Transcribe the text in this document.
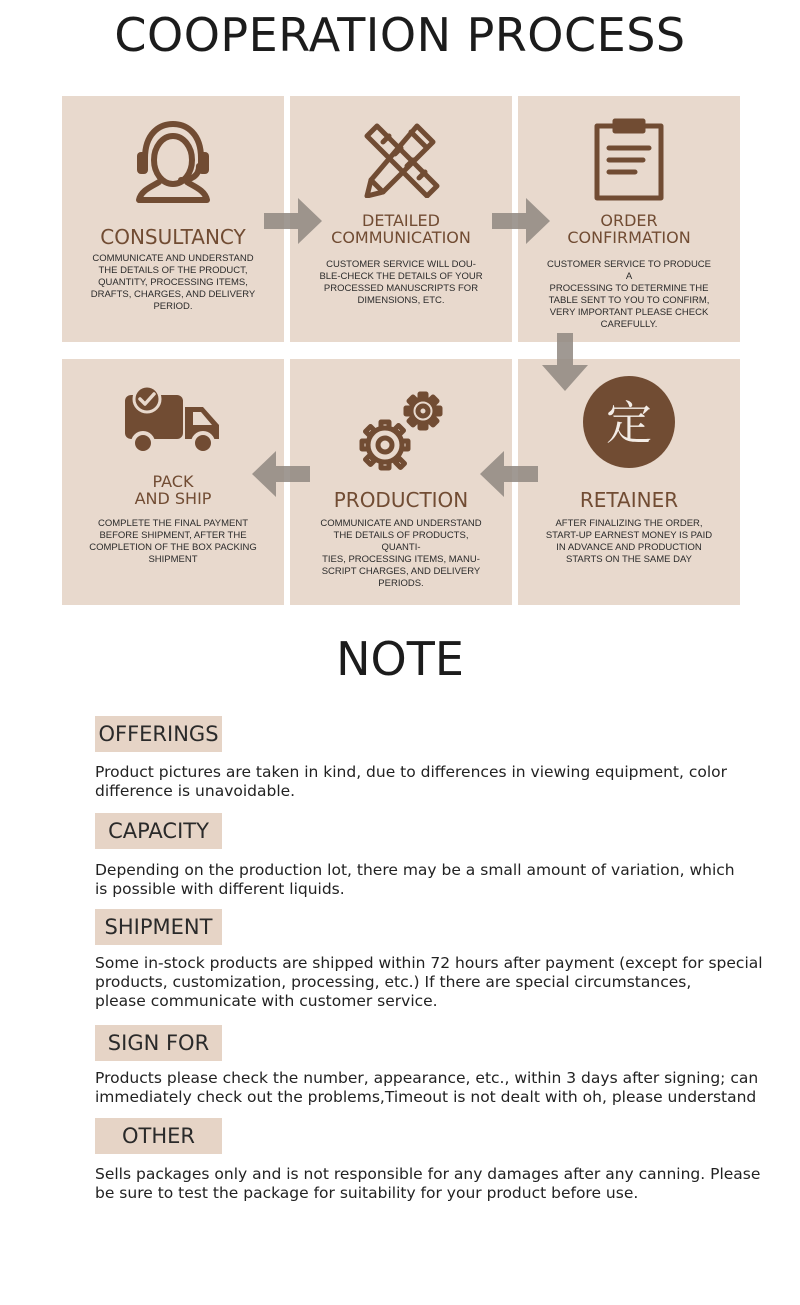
COOPERATION PROCESS
CONSULTANCY
COMMUNICATE AND UNDERSTAND
THE DETAILS OF THE PRODUCT,
QUANTITY, PROCESSING ITEMS,
DRAFTS, CHARGES, AND DELIVERY
PERIOD.
DETAILED
COMMUNICATION
CUSTOMER SERVICE WILL DOU-
BLE-CHECK THE DETAILS OF YOUR
PROCESSED MANUSCRIPTS FOR
DIMENSIONS, ETC.
ORDER
CONFIRMATION
CUSTOMER SERVICE TO PRODUCE A
PROCESSING TO DETERMINE THE
TABLE SENT TO YOU TO CONFIRM,
VERY IMPORTANT PLEASE CHECK
CAREFULLY.
PACK
AND SHIP
COMPLETE THE FINAL PAYMENT
BEFORE SHIPMENT, AFTER THE
COMPLETION OF THE BOX PACKING
SHIPMENT
PRODUCTION
COMMUNICATE AND UNDERSTAND
THE DETAILS OF PRODUCTS, QUANTI-
TIES, PROCESSING ITEMS, MANU-
SCRIPT CHARGES, AND DELIVERY
PERIODS.
定
RETAINER
AFTER FINALIZING THE ORDER,
START-UP EARNEST MONEY IS PAID
IN ADVANCE AND PRODUCTION
STARTS ON THE SAME DAY
NOTE
OFFERINGS
Product pictures are taken in kind, due to differences in viewing equipment, color
difference is unavoidable.
CAPACITY
Depending on the production lot, there may be a small amount of variation, which
is possible with different liquids.
SHIPMENT
Some in-stock products are shipped within 72 hours after payment (except for special
products, customization, processing, etc.) If there are special circumstances,
please communicate with customer service.
SIGN FOR
Products please check the number, appearance, etc., within 3 days after signing; can
immediately check out the problems,Timeout is not dealt with oh, please understand
OTHER
Sells packages only and is not responsible for any damages after any canning. Please
be sure to test the package for suitability for your product before use.
